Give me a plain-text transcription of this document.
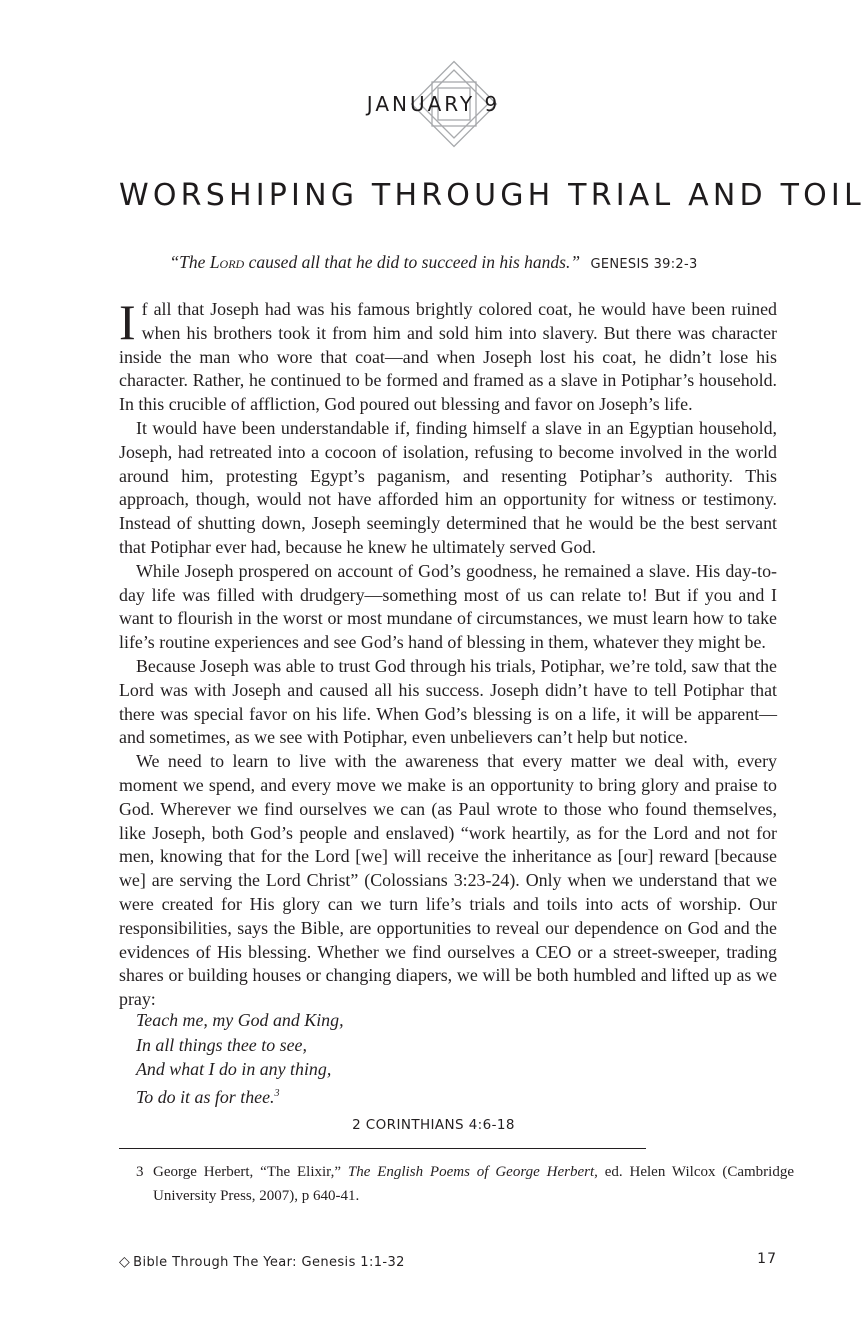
JANUARY 9
WORSHIPING THROUGH TRIAL AND TOIL
“The Lord caused all that he did to succeed in his hands.” GENESIS 39:2-3

If all that Joseph had was his famous brightly colored coat, he would have been ruined when his brothers took it from him and sold him into slavery. But there was character inside the man who wore that coat—and when Joseph lost his coat, he didn’t lose his character. Rather, he continued to be formed and framed as a slave in Potiphar’s household. In this crucible of affliction, God poured out blessing and favor on Joseph’s life.

It would have been understandable if, finding himself a slave in an Egyptian household, Joseph, had retreated into a cocoon of isolation, refusing to become involved in the world around him, protesting Egypt’s paganism, and resenting Potiphar’s authority. This approach, though, would not have afforded him an opportunity for witness or testimony. Instead of shutting down, Joseph seemingly determined that he would be the best servant that Potiphar ever had, because he knew he ultimately served God.

While Joseph prospered on account of God’s goodness, he remained a slave. His day-to-day life was filled with drudgery—something most of us can relate to! But if you and I want to flourish in the worst or most mundane of circumstances, we must learn how to take life’s routine experiences and see God’s hand of blessing in them, whatever they might be.

Because Joseph was able to trust God through his trials, Potiphar, we’re told, saw that the Lord was with Joseph and caused all his success. Joseph didn’t have to tell Potiphar that there was special favor on his life. When God’s blessing is on a life, it will be apparent—and sometimes, as we see with Potiphar, even unbelievers can’t help but notice.

We need to learn to live with the awareness that every matter we deal with, every moment we spend, and every move we make is an opportunity to bring glory and praise to God. Wherever we find ourselves we can (as Paul wrote to those who found themselves, like Joseph, both God’s people and enslaved) “work heartily, as for the Lord and not for men, knowing that for the Lord [we] will receive the inheritance as [our] reward [because we] are serving the Lord Christ” (Colossians 3:23-24). Only when we understand that we were created for His glory can we turn life’s trials and toils into acts of worship. Our responsibilities, says the Bible, are opportunities to reveal our dependence on God and the evidences of His blessing. Whether we find ourselves a CEO or a street-sweeper, trading shares or building houses or changing diapers, we will be both humbled and lifted up as we pray:

Teach me, my God and King,
In all things thee to see,
And what I do in any thing,
To do it as for thee.$^3$
2 CORINTHIANS 4:6-18
3 George Herbert, “The Elixir,” The English Poems of George Herbert, ed. Helen Wilcox (Cambridge University Press, 2007), p 640-41.
◇ Bible Through The Year: Genesis 1:1-32	17
